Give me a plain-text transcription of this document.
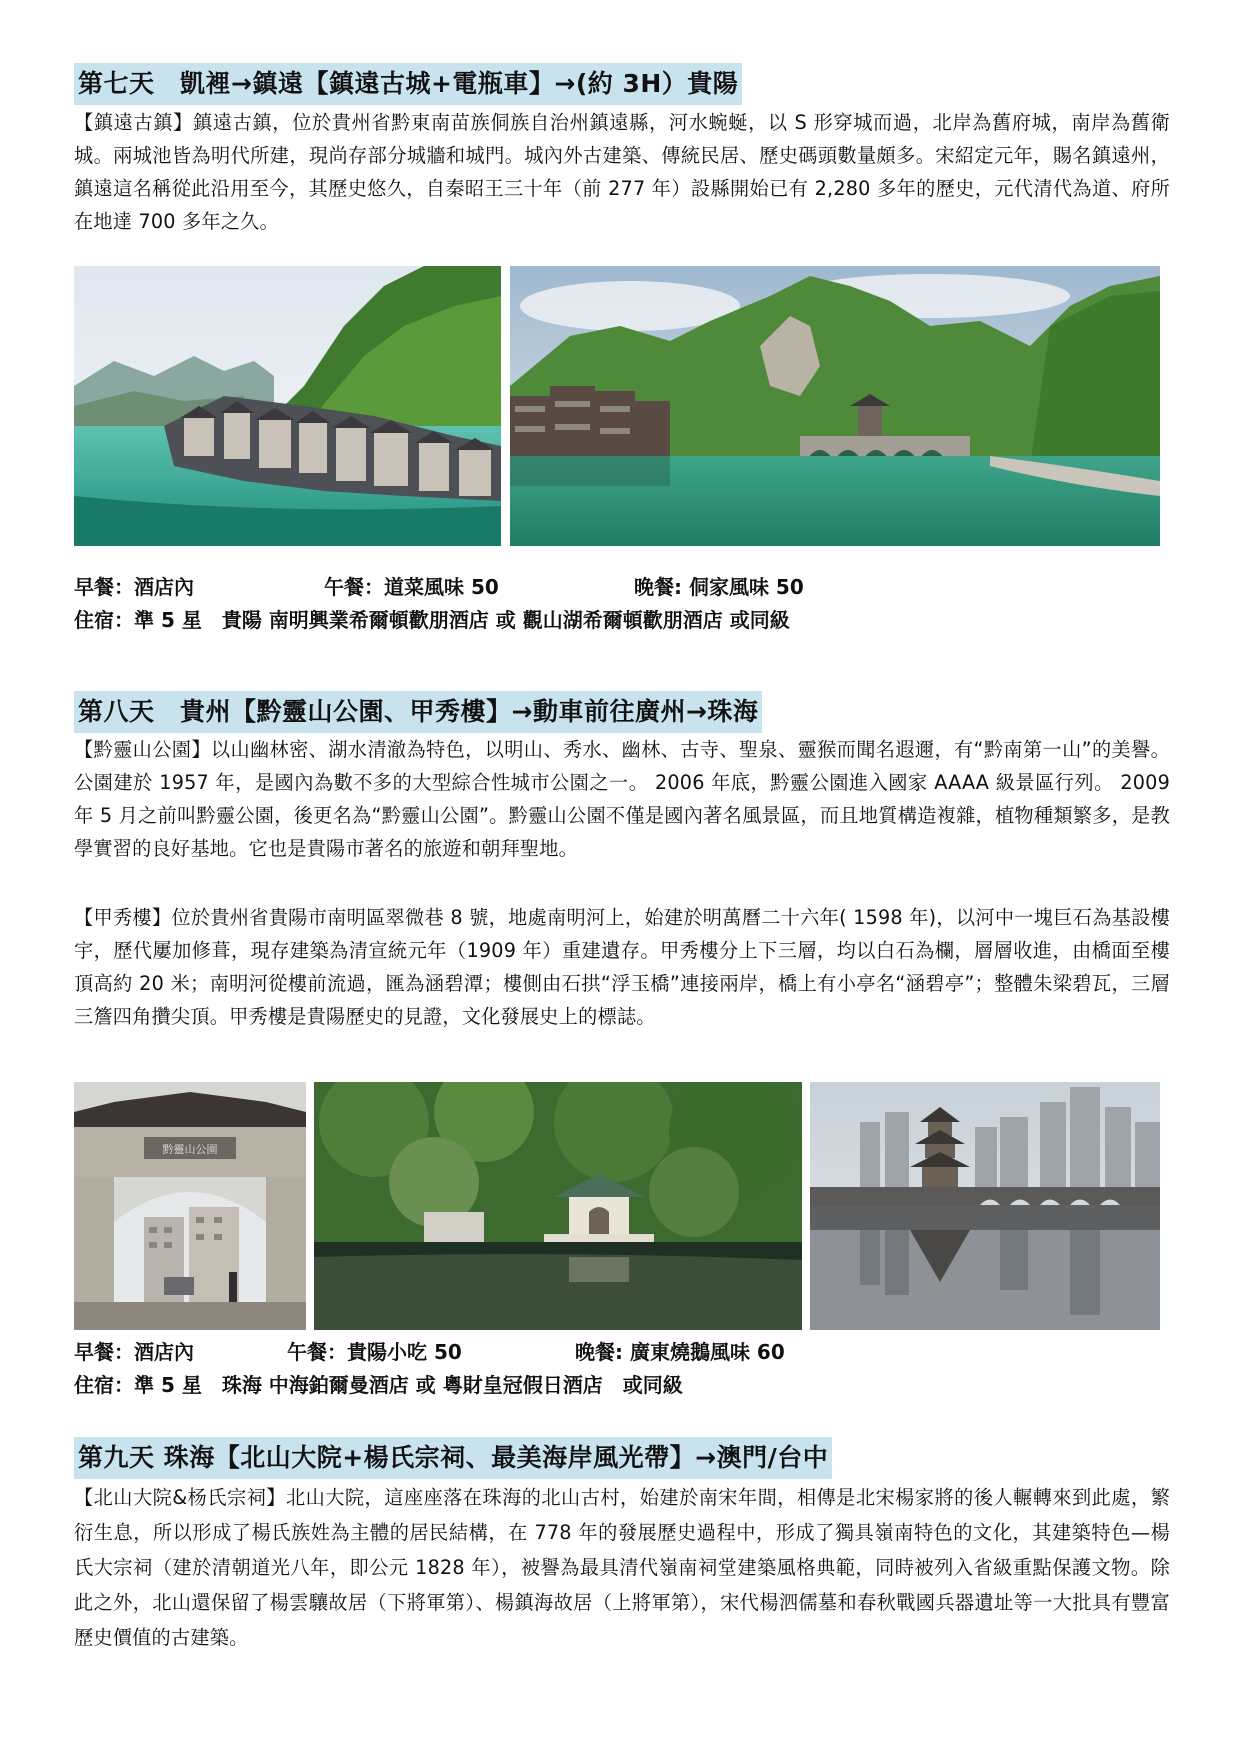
第七天　凱裡→鎮遠【鎮遠古城+電瓶車】→(約 3H）貴陽
【鎮遠古鎮】鎮遠古鎮，位於貴州省黔東南苗族侗族自治州鎮遠縣，河水蜿蜒，以 S 形穿城而過，北岸為舊府城，南岸為舊衛城。兩城池皆為明代所建，現尚存部分城牆和城門。城內外古建築、傳統民居、歷史碼頭數量頗多。宋紹定元年，賜名鎮遠州，鎮遠這名稱從此沿用至今，其歷史悠久，自秦昭王三十年（前 277 年）設縣開始已有 2,280 多年的歷史，元代清代為道、府所在地達 700 多年之久。
早餐：酒店內	午餐：道菜風味 50	晚餐: 侗家風味 50
住宿：準 5 星　貴陽 南明興業希爾頓歡朋酒店 或 觀山湖希爾頓歡朋酒店 或同級
第八天　貴州【黔靈山公園、甲秀樓】→動車前往廣州→珠海
【黔靈山公園】以山幽林密、湖水清澈為特色，以明山、秀水、幽林、古寺、聖泉、靈猴而聞名遐邇，有“黔南第一山”的美譽。 公園建於 1957 年，是國內為數不多的大型綜合性城市公園之一。 2006 年底，黔靈公園進入國家 AAAA 級景區行列。 2009 年 5 月之前叫黔靈公園，後更名為“黔靈山公園”。黔靈山公園不僅是國內著名風景區，而且地質構造複雜，植物種類繁多，是教學實習的良好基地。它也是貴陽市著名的旅遊和朝拜聖地。
【甲秀樓】位於貴州省貴陽市南明區翠微巷 8 號，地處南明河上，始建於明萬曆二十六年( 1598 年)，以河中一塊巨石為基設樓宇，歷代屢加修葺，現存建築為清宣統元年（1909 年）重建遺存。甲秀樓分上下三層，均以白石為欄，層層收進，由橋面至樓頂高約 20 米；南明河從樓前流過，匯為涵碧潭；樓側由石拱“浮玉橋”連接兩岸，橋上有小亭名“涵碧亭”；整體朱梁碧瓦，三層三簷四角攢尖頂。甲秀樓是貴陽歷史的見證，文化發展史上的標誌。
黔靈山公園
早餐：酒店內	午餐：貴陽小吃 50	晚餐: 廣東燒鵝風味 60
住宿：準 5 星　珠海 中海鉑爾曼酒店 或 粵財皇冠假日酒店　或同級
第九天 珠海【北山大院+楊氏宗祠、最美海岸風光帶】→澳門/台中
【北山大院&杨氏宗祠】北山大院，這座座落在珠海的北山古村，始建於南宋年間，相傳是北宋楊家將的後人輾轉來到此處，繁衍生息，所以形成了楊氏族姓為主體的居民結構，在 778 年的發展歷史過程中，形成了獨具嶺南特色的文化，其建築特色—楊氏大宗祠（建於清朝道光八年，即公元 1828 年），被譽為最具清代嶺南祠堂建築風格典範，同時被列入省級重點保護文物。除此之外，北山還保留了楊雲驤故居（下將軍第）、楊鎮海故居（上將軍第），宋代楊泗儒墓和春秋戰國兵器遺址等一大批具有豐富歷史價值的古建築。
